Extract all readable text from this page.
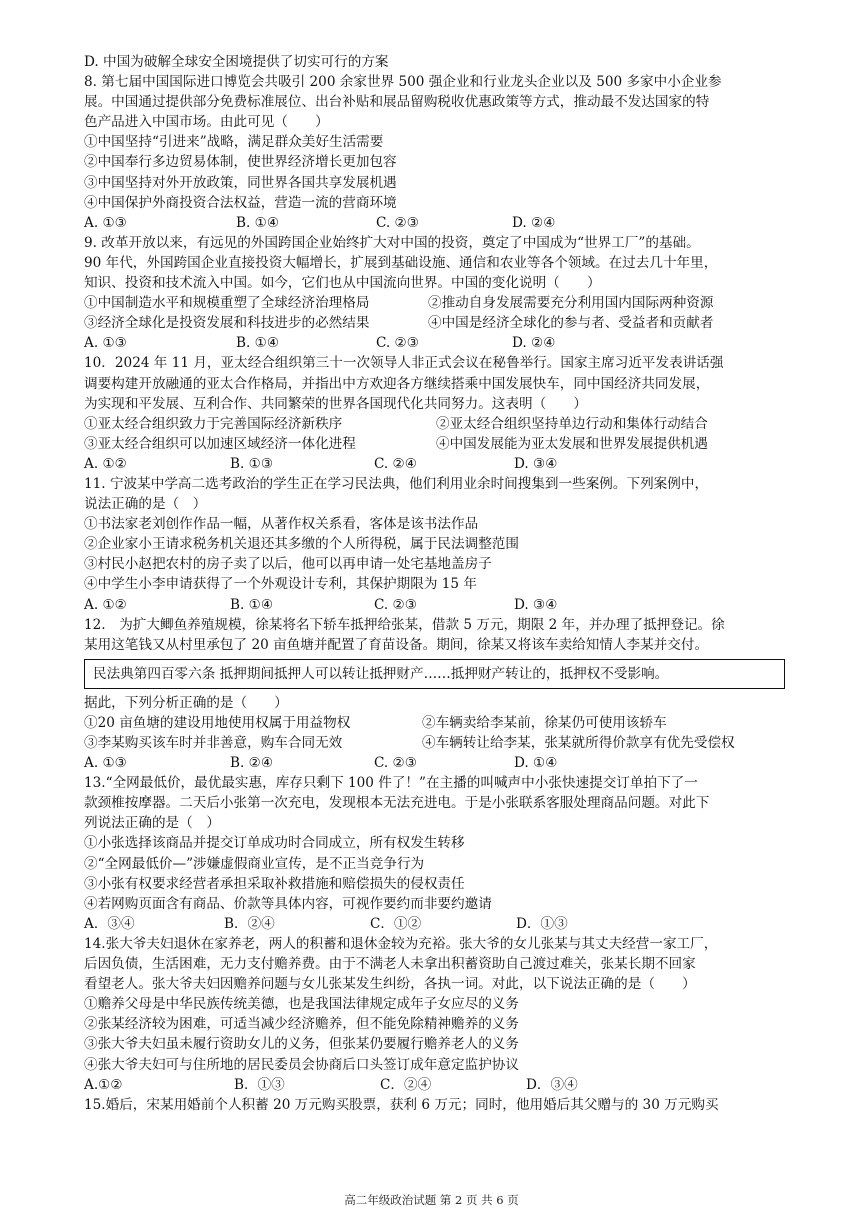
D. 中国为破解全球安全困境提供了切实可行的方案
8. 第七届中国国际进口博览会共吸引 200 余家世界 500 强企业和行业龙头企业以及 500 多家中小企业参
展。中国通过提供部分免费标准展位、出台补贴和展品留购税收优惠政策等方式，推动最不发达国家的特
色产品进入中国市场。由此可见（　　）
①中国坚持“引进来”战略，满足群众美好生活需要
②中国奉行多边贸易体制，使世界经济增长更加包容
③中国坚持对外开放政策，同世界各国共享发展机遇
④中国保护外商投资合法权益，营造一流的营商环境
A. ①③	B. ①④	C. ②③	D. ②④
9. 改革开放以来，有远见的外国跨国企业始终扩大对中国的投资，奠定了中国成为“世界工厂”的基础。
90 年代，外国跨国企业直接投资大幅增长，扩展到基础设施、通信和农业等各个领域。在过去几十年里，
知识、投资和技术流入中国。如今，它们也从中国流向世界。中国的变化说明（　　）
①中国制造水平和规模重塑了全球经济治理格局	②推动自身发展需要充分利用国内国际两种资源
③经济全球化是投资发展和科技进步的必然结果	④中国是经济全球化的参与者、受益者和贡献者
A. ①③	B. ①④	C. ②③	D. ②④
10．2024 年 11 月，亚太经合组织第三十一次领导人非正式会议在秘鲁举行。国家主席习近平发表讲话强
调要构建开放融通的亚太合作格局，并指出中方欢迎各方继续搭乘中国发展快车，同中国经济共同发展，
为实现和平发展、互利合作、共同繁荣的世界各国现代化共同努力。这表明（　　）
①亚太经合组织致力于完善国际经济新秩序	②亚太经合组织坚持单边行动和集体行动结合
③亚太经合组织可以加速区域经济一体化进程	④中国发展能为亚太发展和世界发展提供机遇
A. ①②	B. ①③	C. ②④	D. ③④
11. 宁波某中学高二选考政治的学生正在学习民法典，他们利用业余时间搜集到一些案例。下列案例中，
说法正确的是（　）
①书法家老刘创作作品一幅，从著作权关系看，客体是该书法作品
②企业家小王请求税务机关退还其多缴的个人所得税，属于民法调整范围
③村民小赵把农村的房子卖了以后，他可以再申请一处宅基地盖房子
④中学生小李申请获得了一个外观设计专利，其保护期限为 15 年
A. ①②	B. ①④	C. ②③	D. ③④
12.　为扩大鲫鱼养殖规模，徐某将名下轿车抵押给张某，借款 5 万元，期限 2 年，并办理了抵押登记。徐
某用这笔钱又从村里承包了 20 亩鱼塘并配置了育苗设备。期间，徐某又将该车卖给知情人李某并交付。
民法典第四百零六条 抵押期间抵押人可以转让抵押财产……抵押财产转让的，抵押权不受影响。
据此，下列分析正确的是（　　）
①20 亩鱼塘的建设用地使用权属于用益物权	②车辆卖给李某前，徐某仍可使用该轿车
③李某购买该车时并非善意，购车合同无效	④车辆转让给李某，张某就所得价款享有优先受偿权
A. ①③	B. ②④	C. ②③	D. ①④
13.“全网最低价，最优最实惠，库存只剩下 100 件了！”在主播的叫喊声中小张快速提交订单拍下了一
款颈椎按摩器。二天后小张第一次充电，发现根本无法充进电。于是小张联系客服处理商品问题。对此下
列说法正确的是（　）
①小张选择该商品并提交订单成功时合同成立，所有权发生转移
②“全网最低价—”涉嫌虚假商业宣传，是不正当竞争行为
③小张有权要求经营者承担采取补救措施和赔偿损失的侵权责任
④若网购页面含有商品、价款等具体内容，可视作要约而非要约邀请
A．③④	B．②④	C．①②	D．①③
14.张大爷夫妇退休在家养老，两人的积蓄和退休金较为充裕。张大爷的女儿张某与其丈夫经营一家工厂，
后因负债，生活困难，无力支付赡养费。由于不满老人未拿出积蓄资助自己渡过难关，张某长期不回家
看望老人。张大爷夫妇因赡养问题与女儿张某发生纠纷，各执一词。对此，以下说法正确的是（　　）
①赡养父母是中华民族传统美德，也是我国法律规定成年子女应尽的义务
②张某经济较为困难，可适当减少经济赡养，但不能免除精神赡养的义务
③张大爷夫妇虽未履行资助女儿的义务，但张某仍要履行赡养老人的义务
④张大爷夫妇可与住所地的居民委员会协商后口头签订成年意定监护协议
A.①②	B．①③	C．②④	D．③④
15.婚后，宋某用婚前个人积蓄 20 万元购买股票，获利 6 万元；同时，他用婚后其父赠与的 30 万元购买
高二年级政治试题 第 2 页 共 6 页
